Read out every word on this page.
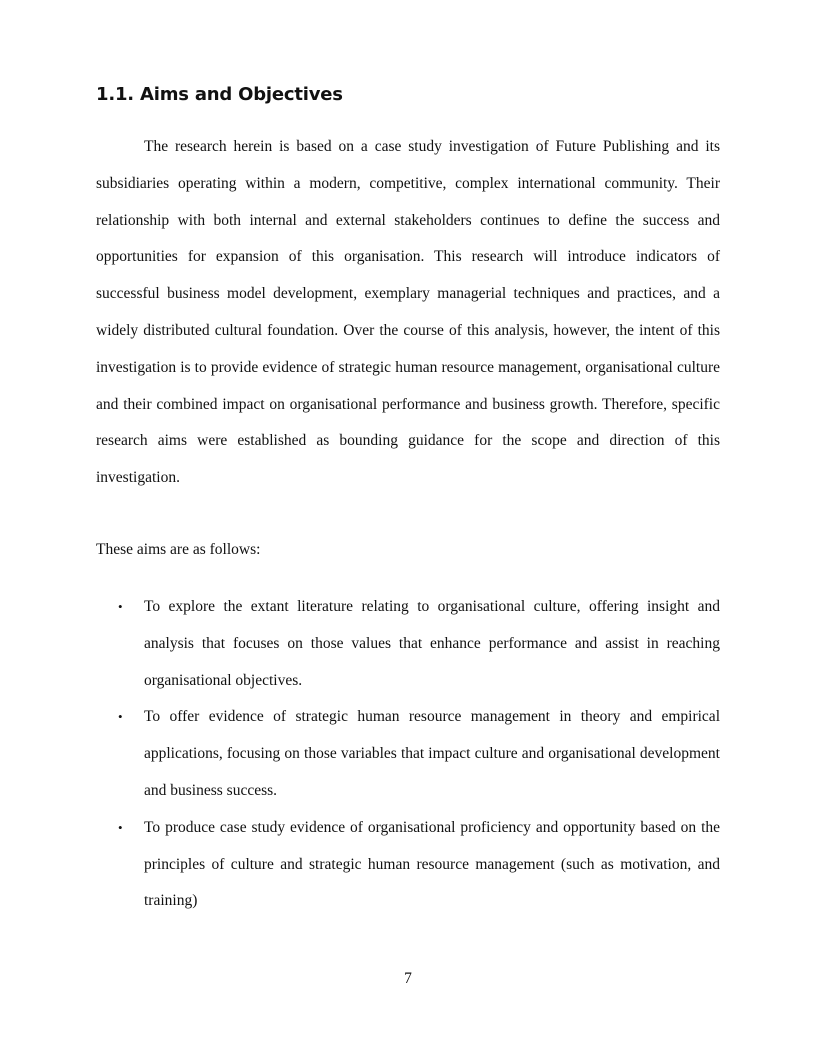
1.1. Aims and Objectives

The research herein is based on a case study investigation of Future Publishing and its subsidiaries operating within a modern, competitive, complex international community. Their relationship with both internal and external stakeholders continues to define the success and opportunities for expansion of this organisation. This research will introduce indicators of successful business model development, exemplary managerial techniques and practices, and a widely distributed cultural foundation. Over the course of this analysis, however, the intent of this investigation is to provide evidence of strategic human resource management, organisational culture and their combined impact on organisational performance and business growth. Therefore, specific research aims were established as bounding guidance for the scope and direction of this investigation.

These aims are as follows:

• To explore the extant literature relating to organisational culture, offering insight and analysis that focuses on those values that enhance performance and assist in reaching organisational objectives.
• To offer evidence of strategic human resource management in theory and empirical applications, focusing on those variables that impact culture and organisational development and business success.
• To produce case study evidence of organisational proficiency and opportunity based on the principles of culture and strategic human resource management (such as motivation, and training)

7
